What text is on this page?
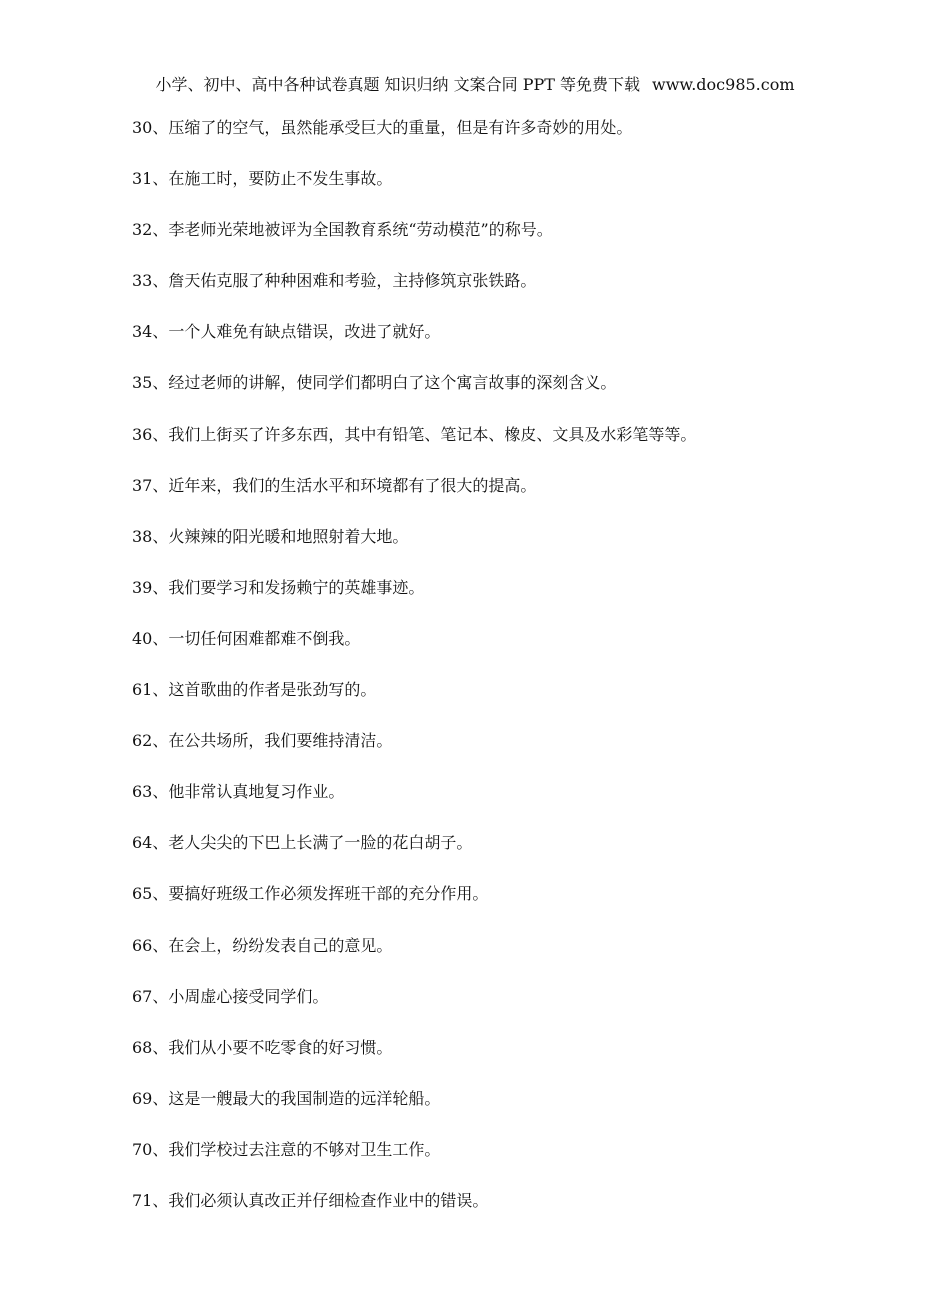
小学、初中、高中各种试卷真题 知识归纳 文案合同 PPT 等免费下载 www.doc985.com
30、压缩了的空气，虽然能承受巨大的重量，但是有许多奇妙的用处。
31、在施工时，要防止不发生事故。
32、李老师光荣地被评为全国教育系统“劳动模范”的称号。
33、詹天佑克服了种种困难和考验，主持修筑京张铁路。
34、一个人难免有缺点错误，改进了就好。
35、经过老师的讲解，使同学们都明白了这个寓言故事的深刻含义。
36、我们上街买了许多东西，其中有铅笔、笔记本、橡皮、文具及水彩笔等等。
37、近年来，我们的生活水平和环境都有了很大的提高。
38、火辣辣的阳光暖和地照射着大地。
39、我们要学习和发扬赖宁的英雄事迹。
40、一切任何困难都难不倒我。
61、这首歌曲的作者是张劲写的。
62、在公共场所，我们要维持清洁。
63、他非常认真地复习作业。
64、老人尖尖的下巴上长满了一脸的花白胡子。
65、要搞好班级工作必须发挥班干部的充分作用。
66、在会上，纷纷发表自己的意见。
67、小周虚心接受同学们。
68、我们从小要不吃零食的好习惯。
69、这是一艘最大的我国制造的远洋轮船。
70、我们学校过去注意的不够对卫生工作。
71、我们必须认真改正并仔细检查作业中的错误。
